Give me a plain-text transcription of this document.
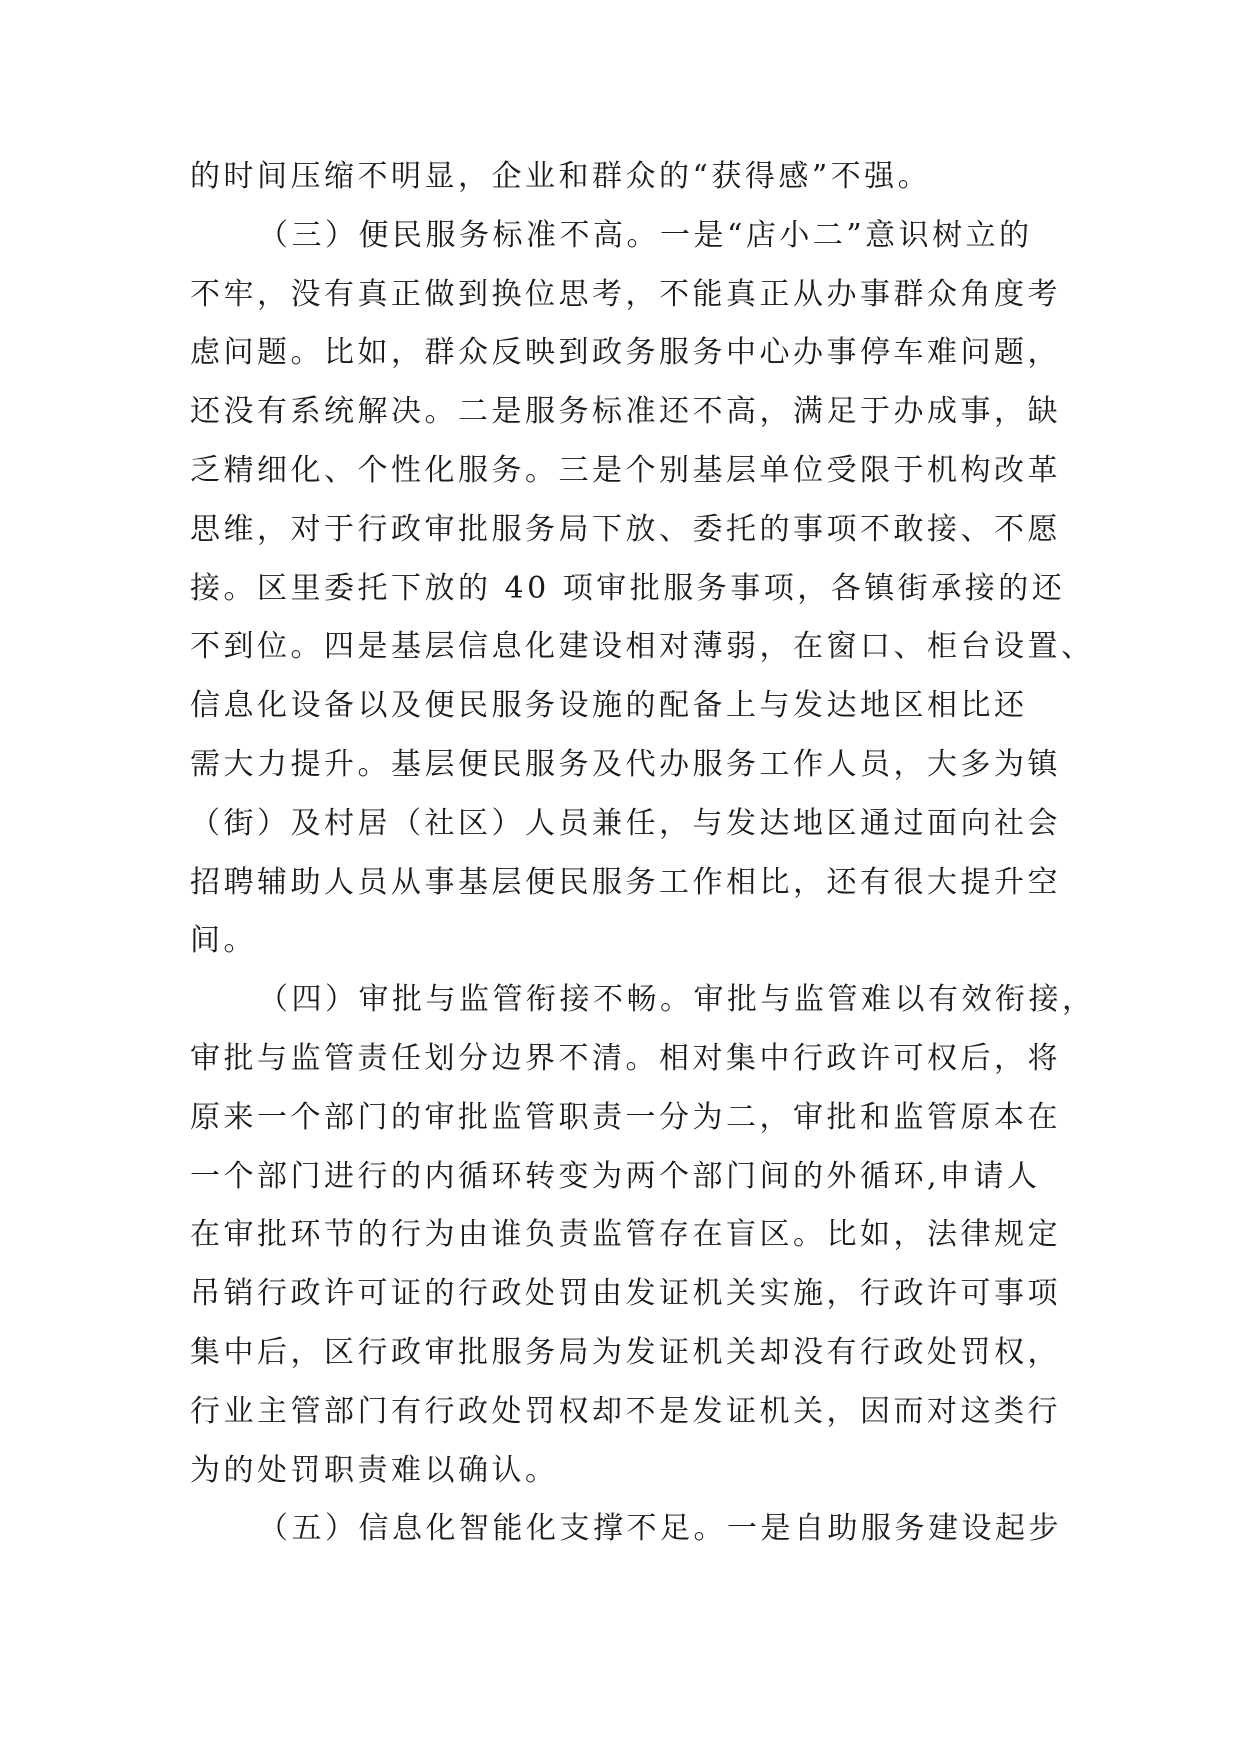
的时间压缩不明显，企业和群众的“获得感”不强。
（三）便民服务标准不高。一是“店小二”意识树立的
不牢，没有真正做到换位思考，不能真正从办事群众角度考
虑问题。比如，群众反映到政务服务中心办事停车难问题，
还没有系统解决。二是服务标准还不高，满足于办成事，缺
乏精细化、个性化服务。三是个别基层单位受限于机构改革
思维，对于行政审批服务局下放、委托的事项不敢接、不愿
接。区里委托下放的 40 项审批服务事项，各镇街承接的还
不到位。四是基层信息化建设相对薄弱，在窗口、柜台设置、
信息化设备以及便民服务设施的配备上与发达地区相比还
需大力提升。基层便民服务及代办服务工作人员，大多为镇
（街）及村居（社区）人员兼任，与发达地区通过面向社会
招聘辅助人员从事基层便民服务工作相比，还有很大提升空
间。
（四）审批与监管衔接不畅。审批与监管难以有效衔接，
审批与监管责任划分边界不清。相对集中行政许可权后，将
原来一个部门的审批监管职责一分为二，审批和监管原本在
一个部门进行的内循环转变为两个部门间的外循环,申请人
在审批环节的行为由谁负责监管存在盲区。比如，法律规定
吊销行政许可证的行政处罚由发证机关实施，行政许可事项
集中后，区行政审批服务局为发证机关却没有行政处罚权，
行业主管部门有行政处罚权却不是发证机关，因而对这类行
为的处罚职责难以确认。
（五）信息化智能化支撑不足。一是自助服务建设起步
